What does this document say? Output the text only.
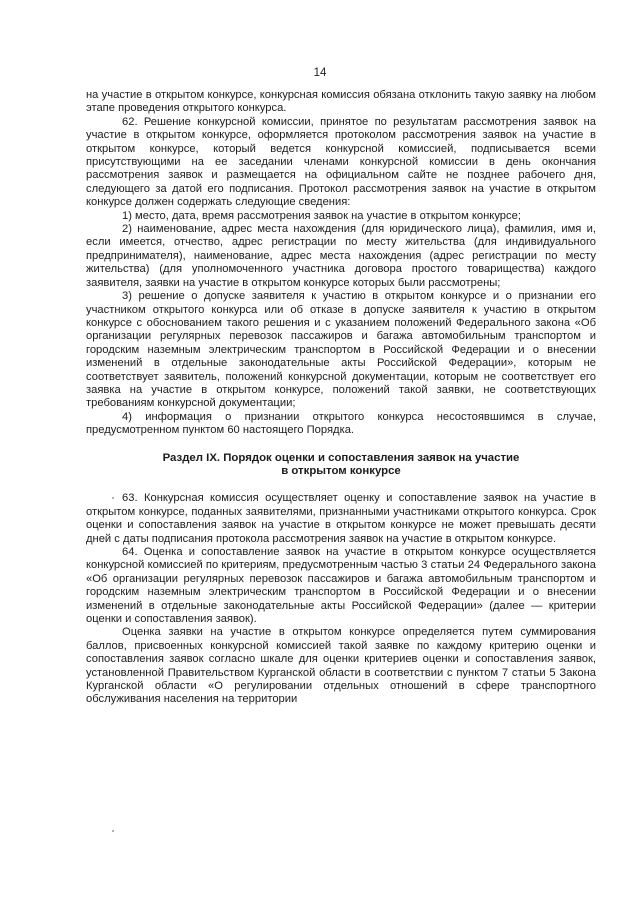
14

на участие в открытом конкурсе, конкурсная комиссия обязана отклонить такую заявку на любом этапе проведения открытого конкурса.

62. Решение конкурсной комиссии, принятое по результатам рассмотрения заявок на участие в открытом конкурсе, оформляется протоколом рассмотрения заявок на участие в открытом конкурсе, который ведется конкурсной комиссией, подписывается всеми присутствующими на ее заседании членами конкурсной комиссии в день окончания рассмотрения заявок и размещается на официальном сайте не позднее рабочего дня, следующего за датой его подписания. Протокол рассмотрения заявок на участие в открытом конкурсе должен содержать следующие сведения:

1) место, дата, время рассмотрения заявок на участие в открытом конкурсе;

2) наименование, адрес места нахождения (для юридического лица), фамилия, имя и, если имеется, отчество, адрес регистрации по месту жительства (для индивидуального предпринимателя), наименование, адрес места нахождения (адрес регистрации по месту жительства) (для уполномоченного участника договора простого товарищества) каждого заявителя, заявки на участие в открытом конкурсе которых были рассмотрены;

3) решение о допуске заявителя к участию в открытом конкурсе и о признании его участником открытого конкурса или об отказе в допуске заявителя к участию в открытом конкурсе с обоснованием такого решения и с указанием положений Федерального закона «Об организации регулярных перевозок пассажиров и багажа автомобильным транспортом и городским наземным электрическим транспортом в Российской Федерации и о внесении изменений в отдельные законодательные акты Российской Федерации», которым не соответствует заявитель, положений конкурсной документации, которым не соответствует его заявка на участие в открытом конкурсе, положений такой заявки, не соответствующих требованиям конкурсной документации;

4) информация о признании открытого конкурса несостоявшимся в случае, предусмотренном пунктом 60 настоящего Порядка.

Раздел IX. Порядок оценки и сопоставления заявок на участие
в открытом конкурсе

63. Конкурсная комиссия осуществляет оценку и сопоставление заявок на участие в открытом конкурсе, поданных заявителями, признанными участниками открытого конкурса. Срок оценки и сопоставления заявок на участие в открытом конкурсе не может превышать десяти дней с даты подписания протокола рассмотрения заявок на участие в открытом конкурсе.

64. Оценка и сопоставление заявок на участие в открытом конкурсе осуществляется конкурсной комиссией по критериям, предусмотренным частью 3 статьи 24 Федерального закона «Об организации регулярных перевозок пассажиров и багажа автомобильным транспортом и городским наземным электрическим транспортом в Российской Федерации и о внесении изменений в отдельные законодательные акты Российской Федерации» (далее — критерии оценки и сопоставления заявок).

Оценка заявки на участие в открытом конкурсе определяется путем суммирования баллов, присвоенных конкурсной комиссией такой заявке по каждому критерию оценки и сопоставления заявок согласно шкале для оценки критериев оценки и сопоставления заявок, установленной Правительством Курганской области в соответствии с пунктом 7 статьи 5 Закона Курганской области «О регулировании отдельных отношений в сфере транспортного обслуживания населения на территории
